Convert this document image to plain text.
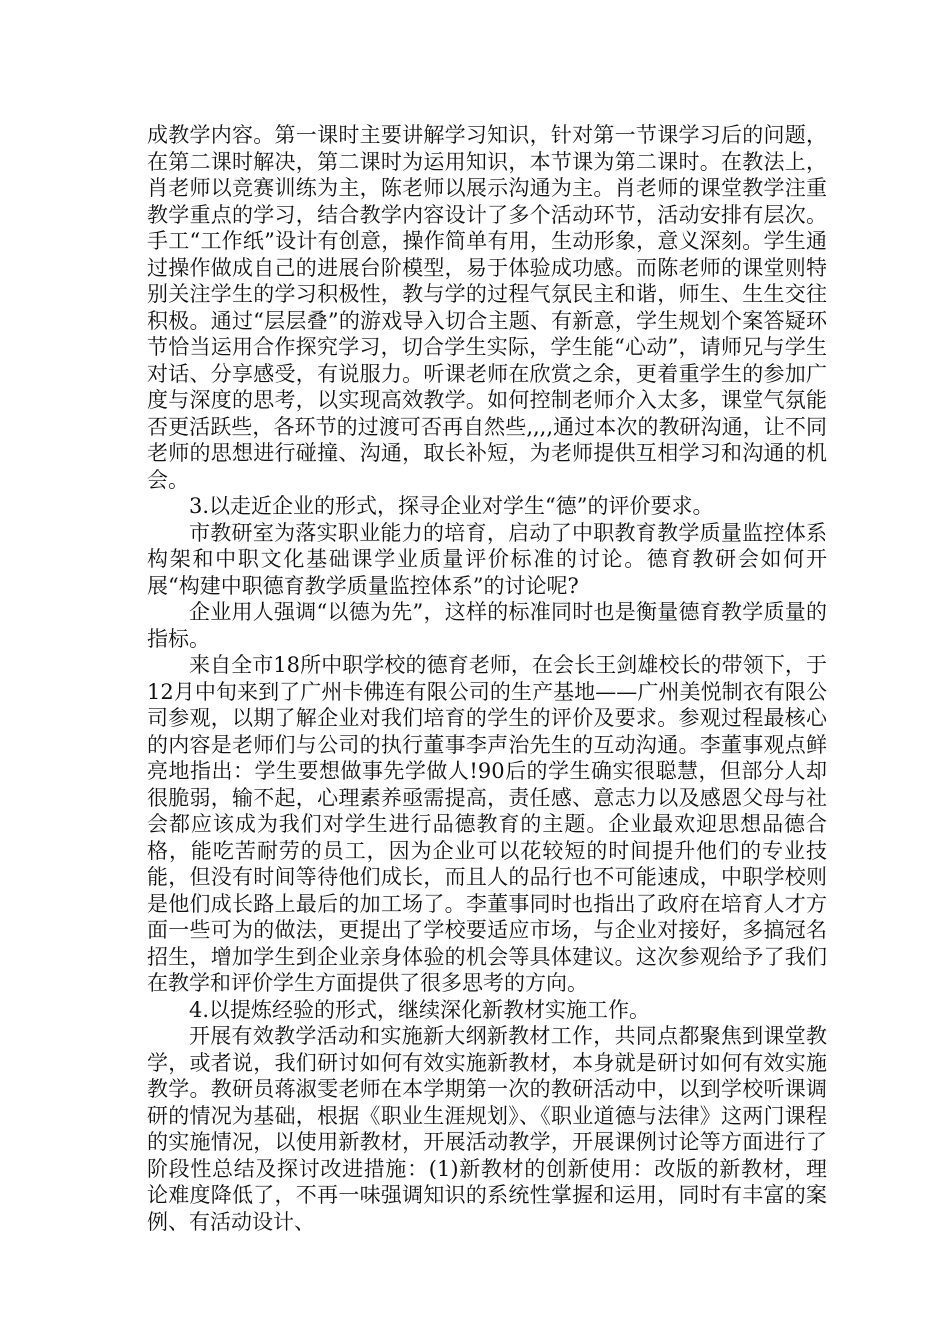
成教学内容。第一课时主要讲解学习知识，针对第一节课学习后的问题，在第二课时解决，第二课时为运用知识，本节课为第二课时。在教法上，肖老师以竞赛训练为主，陈老师以展示沟通为主。肖老师的课堂教学注重教学重点的学习，结合教学内容设计了多个活动环节，活动安排有层次。手工“工作纸”设计有创意，操作简单有用，生动形象，意义深刻。学生通过操作做成自己的进展台阶模型，易于体验成功感。而陈老师的课堂则特别关注学生的学习积极性，教与学的过程气氛民主和谐，师生、生生交往积极。通过“层层叠”的游戏导入切合主题、有新意，学生规划个案答疑环节恰当运用合作探究学习，切合学生实际，学生能“心动”，请师兄与学生对话、分享感受，有说服力。听课老师在欣赏之余，更着重学生的参加广度与深度的思考，以实现高效教学。如何控制老师介入太多，课堂气氛能否更活跃些，各环节的过渡可否再自然些,,,,通过本次的教研沟通，让不同老师的思想进行碰撞、沟通，取长补短，为老师提供互相学习和沟通的机会。

3.以走近企业的形式，探寻企业对学生“德”的评价要求。

市教研室为落实职业能力的培育，启动了中职教育教学质量监控体系构架和中职文化基础课学业质量评价标准的讨论。德育教研会如何开展“构建中职德育教学质量监控体系”的讨论呢?

企业用人强调“以德为先”，这样的标准同时也是衡量德育教学质量的指标。

来自全市18所中职学校的德育老师，在会长王剑雄校长的带领下，于12月中旬来到了广州卡佛连有限公司的生产基地——广州美悦制衣有限公司参观，以期了解企业对我们培育的学生的评价及要求。参观过程最核心的内容是老师们与公司的执行董事李声治先生的互动沟通。李董事观点鲜亮地指出：学生要想做事先学做人!90后的学生确实很聪慧，但部分人却很脆弱，输不起，心理素养亟需提高，责任感、意志力以及感恩父母与社会都应该成为我们对学生进行品德教育的主题。企业最欢迎思想品德合格，能吃苦耐劳的员工，因为企业可以花较短的时间提升他们的专业技能，但没有时间等待他们成长，而且人的品行也不可能速成，中职学校则是他们成长路上最后的加工场了。李董事同时也指出了政府在培育人才方面一些可为的做法，更提出了学校要适应市场，与企业对接好，多搞冠名招生，增加学生到企业亲身体验的机会等具体建议。这次参观给予了我们在教学和评价学生方面提供了很多思考的方向。

4.以提炼经验的形式，继续深化新教材实施工作。

开展有效教学活动和实施新大纲新教材工作，共同点都聚焦到课堂教学，或者说，我们研讨如何有效实施新教材，本身就是研讨如何有效实施教学。教研员蒋淑雯老师在本学期第一次的教研活动中，以到学校听课调研的情况为基础，根据《职业生涯规划》、《职业道德与法律》这两门课程的实施情况，以使用新教材，开展活动教学，开展课例讨论等方面进行了阶段性总结及探讨改进措施：(1)新教材的创新使用：改版的新教材，理论难度降低了，不再一味强调知识的系统性掌握和运用，同时有丰富的案例、有活动设计、
